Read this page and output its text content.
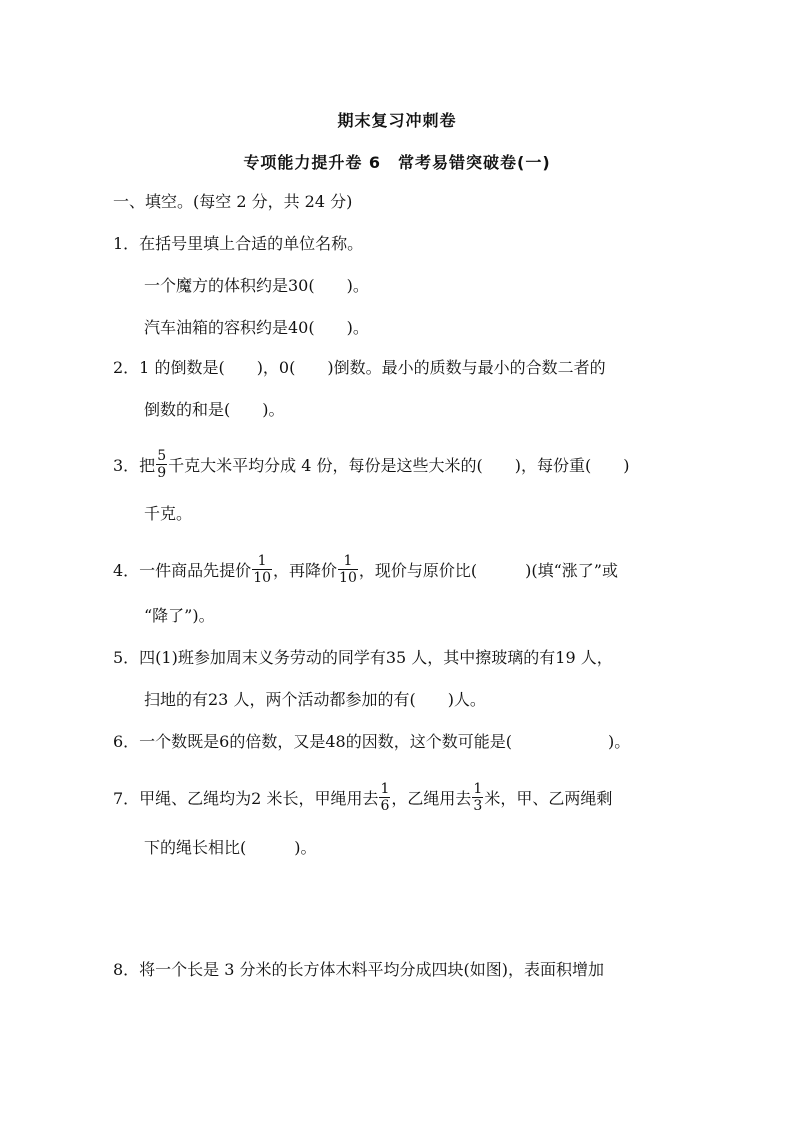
期末复习冲刺卷
专项能力提升卷 6　常考易错突破卷(一)
一、填空。(每空 2 分，共 24 分)
1．在括号里填上合适的单位名称。
一个魔方的体积约是30(　　)。
汽车油箱的容积约是40(　　)。
2．1 的倒数是(　　)，0(　　)倒数。最小的质数与最小的合数二者的
倒数的和是(　　)。
3．把 $\frac{5}{9}$ 千克大米平均分成 4 份，每份是这些大米的(　　)，每份重(　　)
千克。
4．一件商品先提价 $\frac{1}{10}$ ，再降价 $\frac{1}{10}$ ，现价与原价比(　　　)(填“涨了”或
“降了”)。
5．四(1)班参加周末义务劳动的同学有35 人，其中擦玻璃的有19 人，
扫地的有23 人，两个活动都参加的有(　　)人。
6．一个数既是6的倍数，又是48的因数，这个数可能是(　　　　　　)。
7．甲绳、乙绳均为2 米长，甲绳用去 $\frac{1}{6}$ ，乙绳用去 $\frac{1}{3}$ 米，甲、乙两绳剩
下的绳长相比(　　　)。
8．将一个长是 3 分米的长方体木料平均分成四块(如图)，表面积增加
